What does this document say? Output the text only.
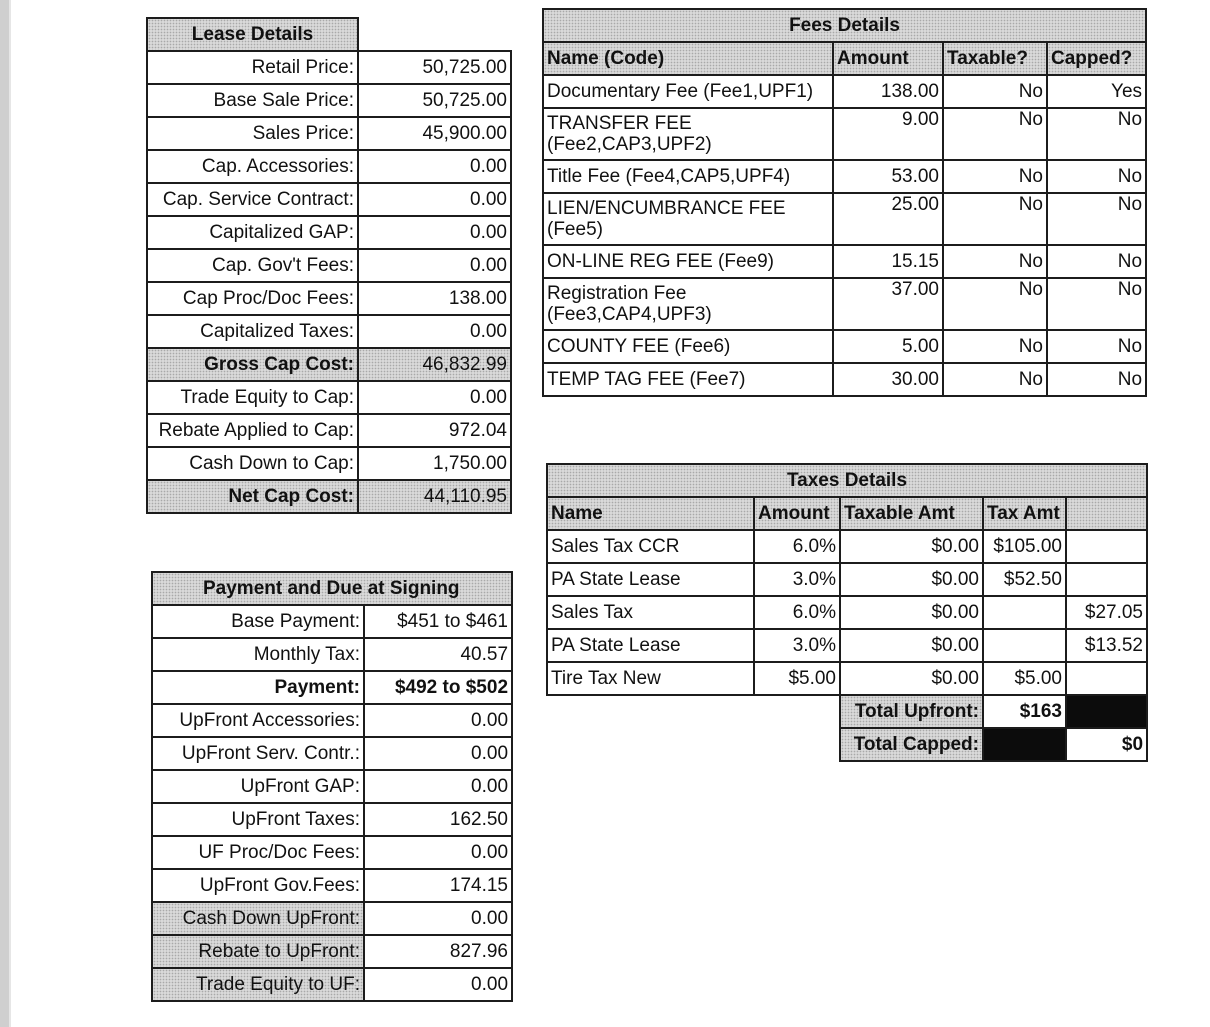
Lease Details	
Retail Price:	50,725.00
Base Sale Price:	50,725.00
Sales Price:	45,900.00
Cap. Accessories:	0.00
Cap. Service Contract:	0.00
Capitalized GAP:	0.00
Cap. Gov't Fees:	0.00
Cap Proc/Doc Fees:	138.00
Capitalized Taxes:	0.00
Gross Cap Cost:	46,832.99
Trade Equity to Cap:	0.00
Rebate Applied to Cap:	972.04
Cash Down to Cap:	1,750.00
Net Cap Cost:	44,110.95
Payment and Due at Signing	
Base Payment:	$451 to $461
Monthly Tax:	40.57
Payment:	$492 to $502
UpFront Accessories:	0.00
UpFront Serv. Contr.:	0.00
UpFront GAP:	0.00
UpFront Taxes:	162.50
UF Proc/Doc Fees:	0.00
UpFront Gov.Fees:	174.15
Cash Down UpFront:	0.00
Rebate to UpFront:	827.96
Trade Equity to UF:	0.00
Fees Details			
Name (Code)	Amount	Taxable?	Capped?
Documentary Fee (Fee1,UPF1)	138.00	No	Yes
TRANSFER FEE (Fee2,CAP3,UPF2)	9.00	No	No
Title Fee (Fee4,CAP5,UPF4)	53.00	No	No
LIEN/ENCUMBRANCE FEE (Fee5)	25.00	No	No
ON-LINE REG FEE (Fee9)	15.15	No	No
Registration Fee (Fee3,CAP4,UPF3)	37.00	No	No
COUNTY FEE (Fee6)	5.00	No	No
TEMP TAG FEE (Fee7)	30.00	No	No
Taxes Details				
Name	Amount	Taxable Amt	Tax Amt	
Sales Tax CCR	6.0%	$0.00	$105.00	
PA State Lease	3.0%	$0.00	$52.50	
Sales Tax	6.0%	$0.00		$27.05
PA State Lease	3.0%	$0.00		$13.52
Tire Tax New	$5.00	$0.00	$5.00	
		Total Upfront:	$163	
		Total Capped:		$0
